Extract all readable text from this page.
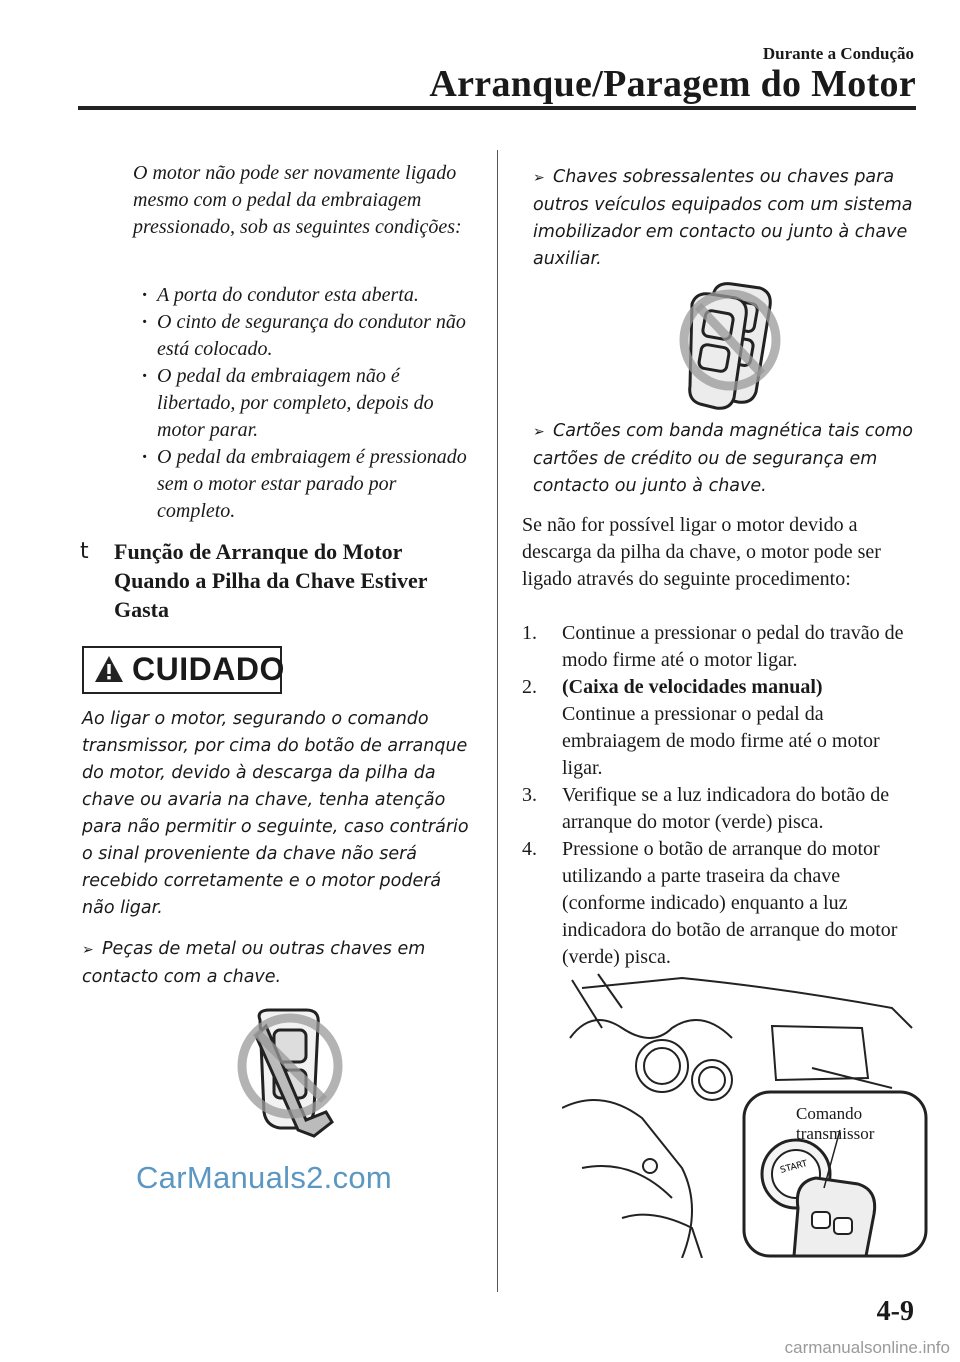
Durante a Condução
Arranque/Paragem do Motor
O motor não pode ser novamente ligado mesmo com o pedal da embraiagem pressionado, sob as seguintes condições:
· A porta do condutor esta aberta.
· O cinto de segurança do condutor não está colocado.
· O pedal da embraiagem não é libertado, por completo, depois do motor parar.
· O pedal da embraiagem é pressionado sem o motor estar parado por completo.
t Função de Arranque do Motor Quando a Pilha da Chave Estiver Gasta
CUIDADO
Ao ligar o motor, segurando o comando transmissor, por cima do botão de arranque do motor, devido à descarga da pilha da chave ou avaria na chave, tenha atenção para não permitir o seguinte, caso contrário o sinal proveniente da chave não será recebido corretamente e o motor poderá não ligar.
➢ Peças de metal ou outras chaves em contacto com a chave.
➢ Chaves sobressalentes ou chaves para outros veículos equipados com um sistema imobilizador em contacto ou junto à chave auxiliar.
➢ Cartões com banda magnética tais como cartões de crédito ou de segurança em contacto ou junto à chave.
Se não for possível ligar o motor devido a descarga da pilha da chave, o motor pode ser ligado através do seguinte procedimento:
1. Continue a pressionar o pedal do travão de modo firme até o motor ligar.
2. (Caixa de velocidades manual)
Continue a pressionar o pedal da embraiagem de modo firme até o motor ligar.
3. Verifique se a luz indicadora do botão de arranque do motor (verde) pisca.
4. Pressione o botão de arranque do motor utilizando a parte traseira da chave (conforme indicado) enquanto a luz indicadora do botão de arranque do motor (verde) pisca.
START
Comando
transmissor
CarManuals2.com
4-9
carmanualsonline.info
